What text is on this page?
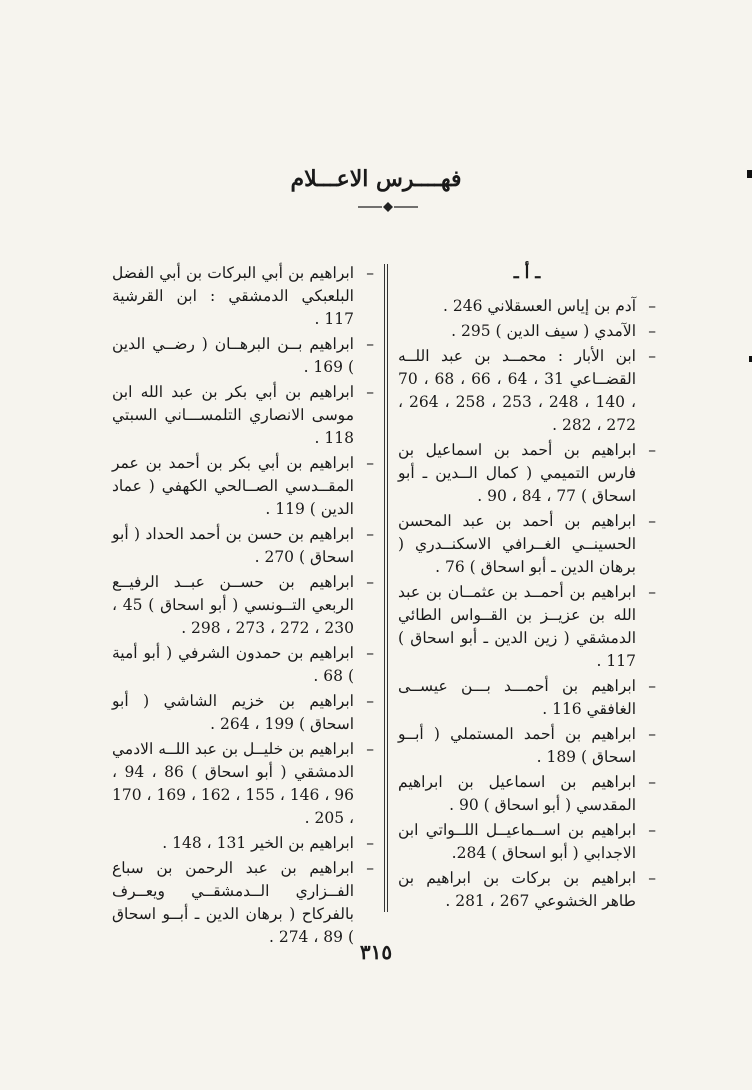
فهــــرس الاعـــلام
ـ أ ـ
– آدم بن إياس العسقلاني 246 .
– الآمدي ( سيف الدين ) 295 .
– ابن الأبار : محمــد بن عبد اللــه القضــاعي 31 ، 64 ، 66 ، 68 ، 70 ، 140 ، 248 ، 253 ، 258 ، 264 ، 272 ، 282 .
– ابراهيم بن أحمد بن اسماعيل بن فارس التميمي ( كمال الــدين ـ أبو اسحاق ) 77 ، 84 ، 90 .
– ابراهيم بن أحمد بن عبد المحسن الحسينــي الغــرافي الاسكنــدري ( برهان الدين ـ أبو اسحاق ) 76 .
– ابراهيم بن أحمــد بن عثمــان بن عبد الله بن عزيــز بن القــواس الطائي الدمشقي ( زين الدين ـ أبو اسحاق ) 117 .
– ابراهيم بن أحمـــد بـــن عيســى الغافقي 116 .
– ابراهيم بن أحمد المستملي ( أبــو اسحاق ) 189 .
– ابراهيم بن اسماعيل بن ابراهيم المقدسي ( أبو اسحاق ) 90 .
– ابراهيم بن اســماعيــل اللــواتي ابن الاجدابي ( أبو اسحاق ) 284.
– ابراهيم بن بركات بن ابراهيم بن طاهر الخشوعي 267 ، 281 .
– ابراهيم بن أبي البركات بن أبي الفضل البلعبكي الدمشقي : ابن القرشية 117 .
– ابراهيم بــن البرهــان ( رضــي الدين ) 169 .
– ابراهيم بن أبي بكر بن عبد الله ابن موسى الانصاري التلمســـاني السبتي 118 .
– ابراهيم بن أبي بكر بن أحمد بن عمر المقــدسي الصــالحي الكهفي ( عماد الدين ) 119 .
– ابراهيم بن حسن بن أحمد الحداد ( أبو اسحاق ) 270 .
– ابراهيم بن حســن عبــد الرفيــع الربعي التــونسي ( أبو اسحاق ) 45 ، 230 ، 272 ، 273 ، 298 .
– ابراهيم بن حمدون الشرفي ( أبو أمية ) 68 .
– ابراهيم بن خزيم الشاشي ( أبو اسحاق ) 199 ، 264 .
– ابراهيم بن خليــل بن عبد اللــه الادمي الدمشقي ( أبو اسحاق ) 86 ، 94 ، 96 ، 146 ، 155 ، 162 ، 169 ، 170 ، 205 .
– ابراهيم بن الخير 131 ، 148 .
– ابراهيم بن عبد الرحمن بن سباع الفــزاري الــدمشقــي ويعــرف بالفركاح ( برهان الدين ـ أبــو اسحاق ) 89 ، 274 .
٣١٥
